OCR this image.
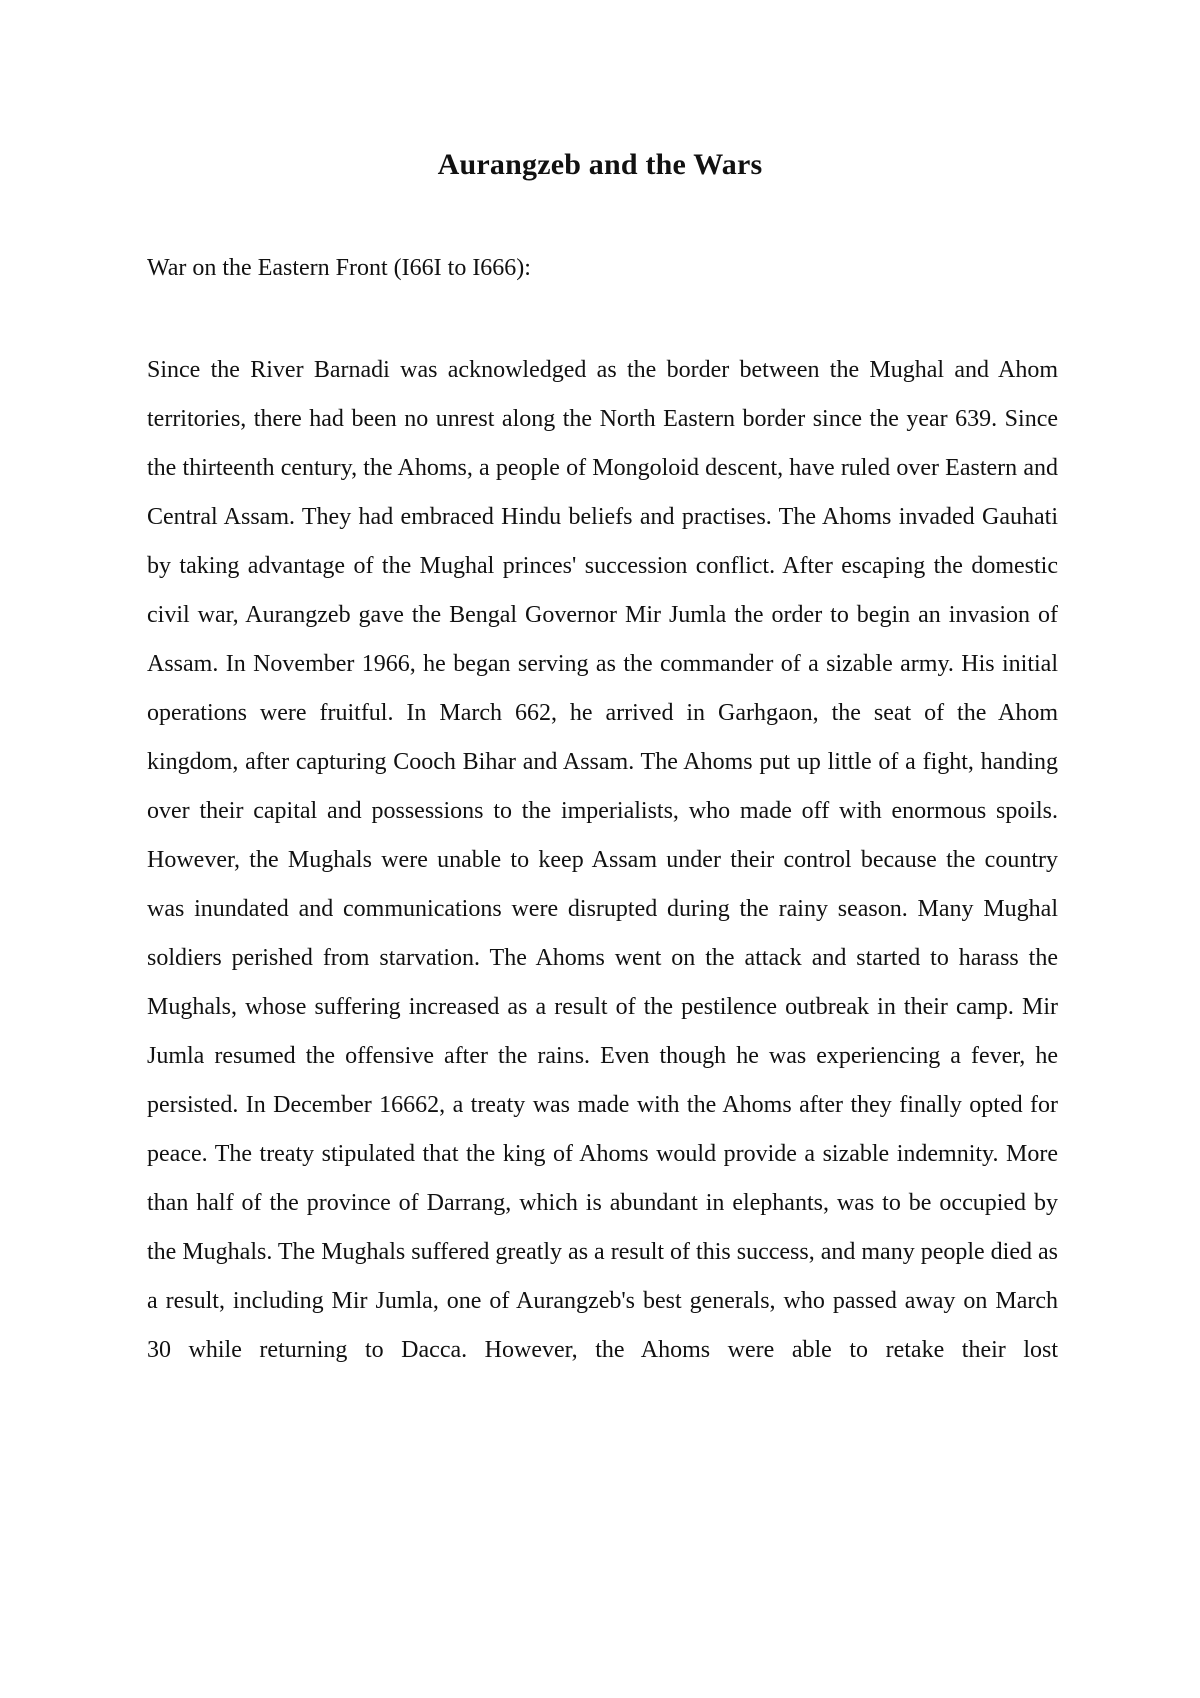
Aurangzeb and the Wars
War on the Eastern Front (I66I to I666):
Since the River Barnadi was acknowledged as the border between the Mughal and Ahom territories, there had been no unrest along the North Eastern border since the year 639. Since the thirteenth century, the Ahoms, a people of Mongoloid descent, have ruled over Eastern and Central Assam. They had embraced Hindu beliefs and practises. The Ahoms invaded Gauhati by taking advantage of the Mughal princes' succession conflict. After escaping the domestic civil war, Aurangzeb gave the Bengal Governor Mir Jumla the order to begin an invasion of Assam. In November 1966, he began serving as the commander of a sizable army. His initial operations were fruitful. In March 662, he arrived in Garhgaon, the seat of the Ahom kingdom, after capturing Cooch Bihar and Assam. The Ahoms put up little of a fight, handing over their capital and possessions to the imperialists, who made off with enormous spoils. However, the Mughals were unable to keep Assam under their control because the country was inundated and communications were disrupted during the rainy season. Many Mughal soldiers perished from starvation. The Ahoms went on the attack and started to harass the Mughals, whose suffering increased as a result of the pestilence outbreak in their camp. Mir Jumla resumed the offensive after the rains. Even though he was experiencing a fever, he persisted. In December 16662, a treaty was made with the Ahoms after they finally opted for peace. The treaty stipulated that the king of Ahoms would provide a sizable indemnity. More than half of the province of Darrang, which is abundant in elephants, was to be occupied by the Mughals. The Mughals suffered greatly as a result of this success, and many people died as a result, including Mir Jumla, one of Aurangzeb's best generals, who passed away on March 30 while returning to Dacca. However, the Ahoms were able to retake their lost
